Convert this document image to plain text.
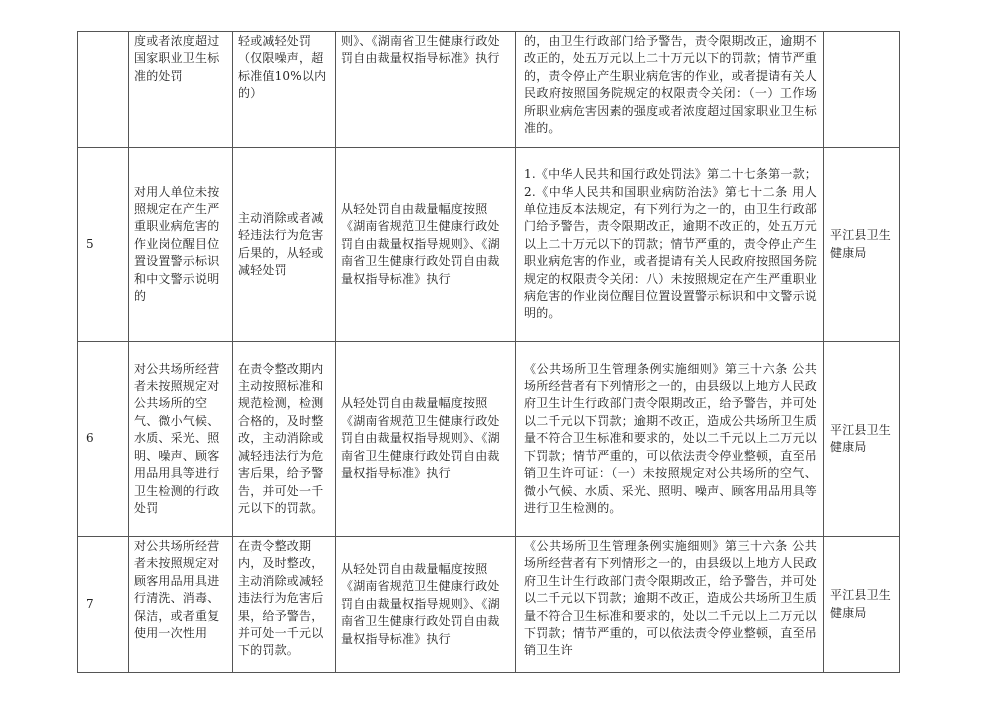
	度或者浓度超过国家职业卫生标准的处罚	轻或减轻处罚（仅限噪声，超标准值10%以内的）	则》、《湖南省卫生健康行政处罚自由裁量权指导标准》执行	的，由卫生行政部门给予警告，责令限期改正，逾期不改正的，处五万元以上二十万元以下的罚款；情节严重的，责令停止产生职业病危害的作业，或者提请有关人民政府按照国务院规定的权限责令关闭：（一）工作场所职业病危害因素的强度或者浓度超过国家职业卫生标准的。	
5	对用人单位未按照规定在产生严重职业病危害的作业岗位醒目位置设置警示标识和中文警示说明的	主动消除或者减轻违法行为危害后果的，从轻或减轻处罚	从轻处罚自由裁量幅度按照《湖南省规范卫生健康行政处罚自由裁量权指导规则》、《湖南省卫生健康行政处罚自由裁量权指导标准》执行	1.《中华人民共和国行政处罚法》第二十七条第一款；2.《中华人民共和国职业病防治法》第七十二条 用人单位违反本法规定，有下列行为之一的，由卫生行政部门给予警告，责令限期改正，逾期不改正的，处五万元以上二十万元以下的罚款；情节严重的，责令停止产生职业病危害的作业，或者提请有关人民政府按照国务院规定的权限责令关闭：八）未按照规定在产生严重职业病危害的作业岗位醒目位置设置警示标识和中文警示说明的。	平江县卫生健康局
6	对公共场所经营者未按照规定对公共场所的空气、微小气候、水质、采光、照明、噪声、顾客用品用具等进行卫生检测的行政处罚	在责令整改期内主动按照标准和规范检测，检测合格的，及时整改，主动消除或减轻违法行为危害后果，给予警告，并可处一千元以下的罚款。	从轻处罚自由裁量幅度按照《湖南省规范卫生健康行政处罚自由裁量权指导规则》、《湖南省卫生健康行政处罚自由裁量权指导标准》执行	《公共场所卫生管理条例实施细则》第三十六条 公共场所经营者有下列情形之一的，由县级以上地方人民政府卫生计生行政部门责令限期改正，给予警告，并可处以二千元以下罚款；逾期不改正，造成公共场所卫生质量不符合卫生标准和要求的，处以二千元以上二万元以下罚款；情节严重的，可以依法责令停业整顿，直至吊销卫生许可证：（一）未按照规定对公共场所的空气、微小气候、水质、采光、照明、噪声、顾客用品用具等进行卫生检测的。	平江县卫生健康局
7	对公共场所经营者未按照规定对顾客用品用具进行清洗、消毒、保洁，或者重复使用一次性用	在责令整改期内，及时整改，主动消除或减轻违法行为危害后果，给予警告，并可处一千元以下的罚款。	从轻处罚自由裁量幅度按照《湖南省规范卫生健康行政处罚自由裁量权指导规则》、《湖南省卫生健康行政处罚自由裁量权指导标准》执行	《公共场所卫生管理条例实施细则》第三十六条 公共场所经营者有下列情形之一的，由县级以上地方人民政府卫生计生行政部门责令限期改正，给予警告，并可处以二千元以下罚款；逾期不改正，造成公共场所卫生质量不符合卫生标准和要求的，处以二千元以上二万元以下罚款；情节严重的，可以依法责令停业整顿，直至吊销卫生许	平江县卫生健康局
